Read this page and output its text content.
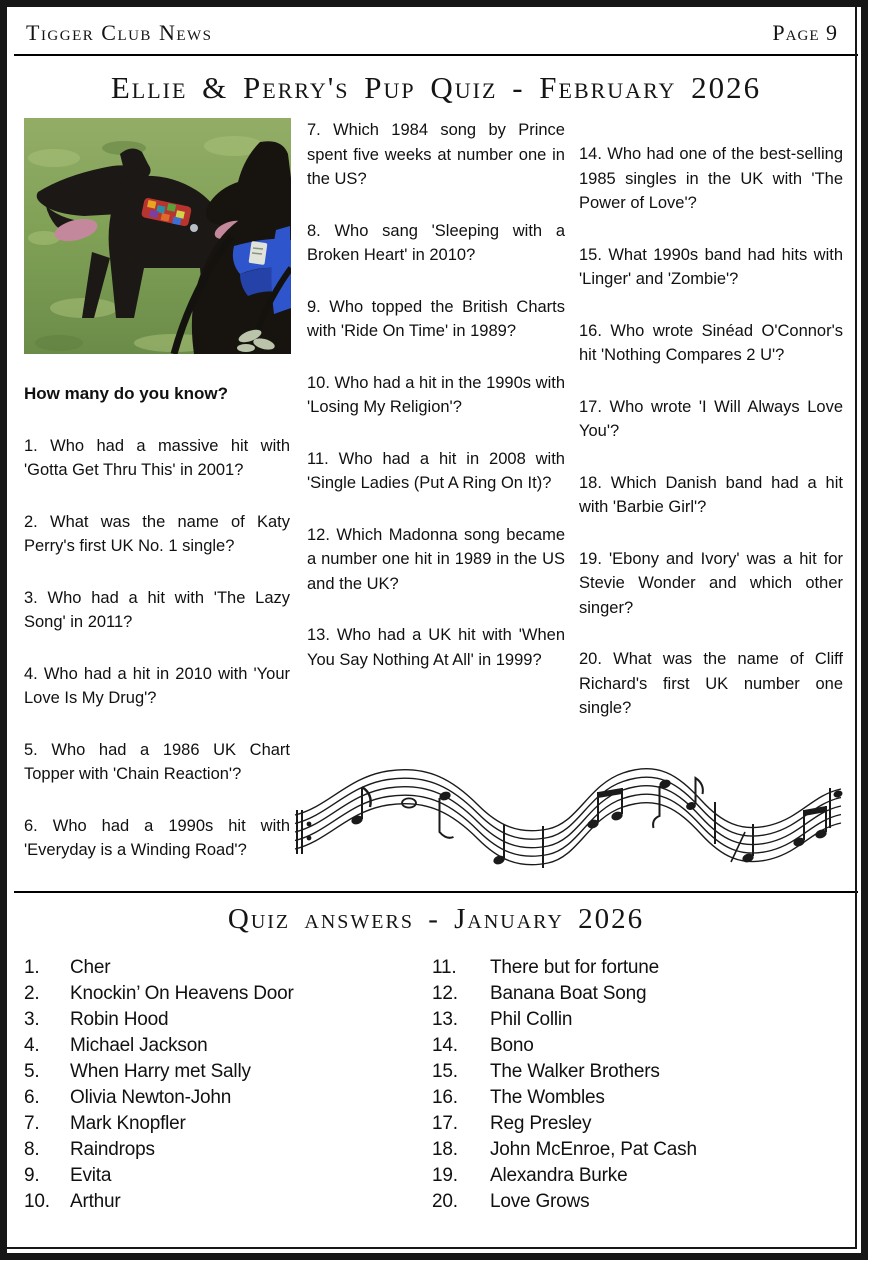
Tigger Club News	Page 9
Ellie & Perry's Pup Quiz - February 2026

How many do you know?

1. Who had a massive hit with 'Gotta Get Thru This' in 2001?

2. What was the name of Katy Perry's first UK No. 1 single?

3. Who had a hit with 'The Lazy Song' in 2011?

4. Who had a hit in 2010 with 'Your Love Is My Drug'?

5. Who had a 1986 UK Chart Topper with 'Chain Reaction'?

6. Who had a 1990s hit with 'Everyday is a Winding Road'?

7. Which 1984 song by Prince spent five weeks at number one in the US?

8. Who sang 'Sleeping with a Broken Heart' in 2010?

9. Who topped the British Charts with 'Ride On Time' in 1989?

10. Who had a hit in the 1990s with 'Losing My Religion'?

11. Who had a hit in 2008 with 'Single Ladies (Put A Ring On It)?

12. Which Madonna song became a number one hit in 1989 in the US and the UK?

13. Who had a UK hit with 'When You Say Nothing At All' in 1999?

14. Who had one of the best-selling 1985 singles in the UK with 'The Power of Love'?

15. What 1990s band had hits with 'Linger' and 'Zombie'?

16. Who wrote Sinéad O'Connor's hit 'Nothing Compares 2 U'?

17. Who wrote 'I Will Always Love You'?

18. Which Danish band had a hit with 'Barbie Girl'?

19. 'Ebony and Ivory' was a hit for Stevie Wonder and which other singer?

20. What was the name of Cliff Richard's first UK number one single?

Quiz answers - January 2026
1.	Cher
2.	Knockin’ On Heavens Door
3.	Robin Hood
4.	Michael Jackson
5.	When Harry met Sally
6.	Olivia Newton-John
7.	Mark Knopfler
8.	Raindrops
9.	Evita
10.	Arthur
11.	There but for fortune
12.	Banana Boat Song
13.	Phil Collin
14.	Bono
15.	The Walker Brothers
16.	The Wombles
17.	Reg Presley
18.	John McEnroe, Pat Cash
19.	Alexandra Burke
20.	Love Grows
